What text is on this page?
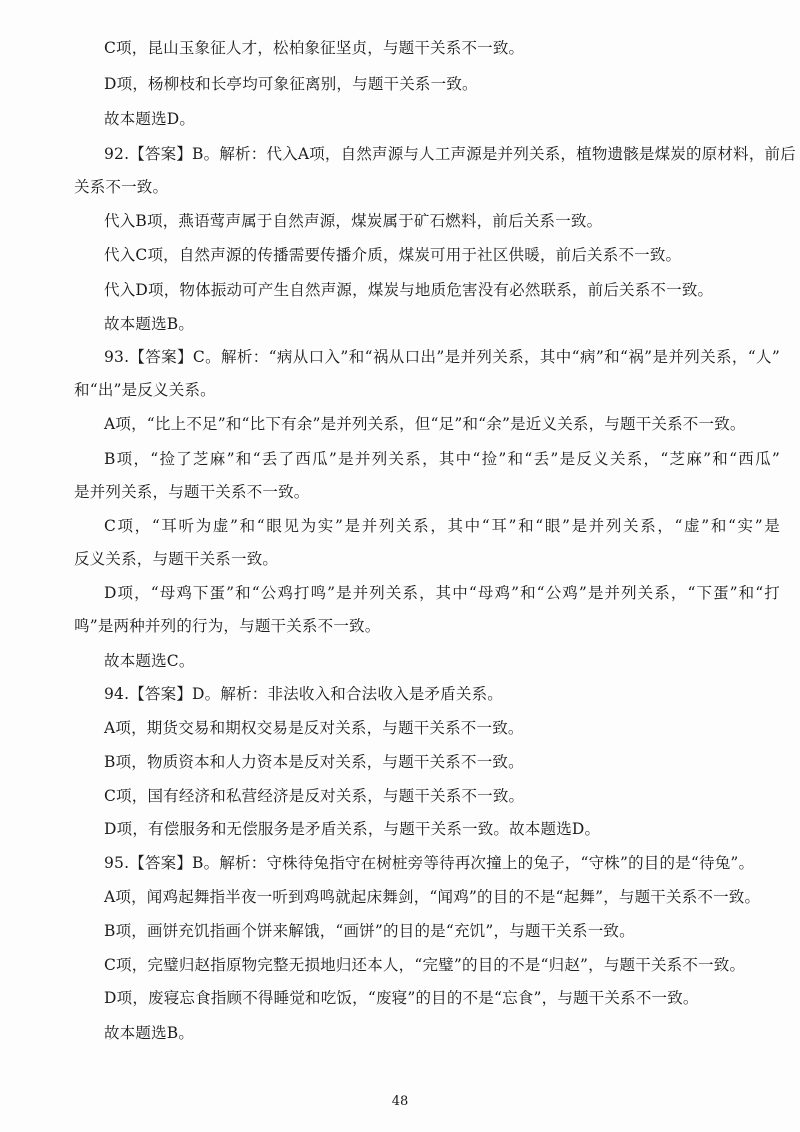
C项，昆山玉象征人才，松柏象征坚贞，与题干关系不一致。
D项，杨柳枝和长亭均可象征离别，与题干关系一致。
故本题选D。
92.【答案】B。解析：代入A项，自然声源与人工声源是并列关系，植物遗骸是煤炭的原材料，前后
关系不一致。
代入B项，燕语莺声属于自然声源，煤炭属于矿石燃料，前后关系一致。
代入C项，自然声源的传播需要传播介质，煤炭可用于社区供暖，前后关系不一致。
代入D项，物体振动可产生自然声源，煤炭与地质危害没有必然联系，前后关系不一致。
故本题选B。
93.【答案】C。解析：“病从口入”和“祸从口出”是并列关系，其中“病”和“祸”是并列关系，“人”
和“出”是反义关系。
A项，“比上不足”和“比下有余”是并列关系，但“足”和“余”是近义关系，与题干关系不一致。
B项，“捡了芝麻”和“丢了西瓜”是并列关系，其中“捡”和“丢”是反义关系，“芝麻”和“西瓜”
是并列关系，与题干关系不一致。
C项，“耳听为虚”和“眼见为实”是并列关系，其中“耳”和“眼”是并列关系，“虚”和“实”是
反义关系，与题干关系一致。
D项，“母鸡下蛋”和“公鸡打鸣”是并列关系，其中“母鸡”和“公鸡”是并列关系，“下蛋”和“打
鸣”是两种并列的行为，与题干关系不一致。
故本题选C。
94.【答案】D。解析：非法收入和合法收入是矛盾关系。
A项，期货交易和期权交易是反对关系，与题干关系不一致。
B项，物质资本和人力资本是反对关系，与题干关系不一致。
C项，国有经济和私营经济是反对关系，与题干关系不一致。
D项，有偿服务和无偿服务是矛盾关系，与题干关系一致。故本题选D。
95.【答案】B。解析：守株待兔指守在树桩旁等待再次撞上的兔子，“守株”的目的是“待兔”。
A项，闻鸡起舞指半夜一听到鸡鸣就起床舞剑，“闻鸡”的目的不是“起舞”，与题干关系不一致。
B项，画饼充饥指画个饼来解饿，“画饼”的目的是“充饥”，与题干关系一致。
C项，完璧归赵指原物完整无损地归还本人，“完璧”的目的不是“归赵”，与题干关系不一致。
D项，废寝忘食指顾不得睡觉和吃饭，“废寝”的目的不是“忘食”，与题干关系不一致。
故本题选B。
48
